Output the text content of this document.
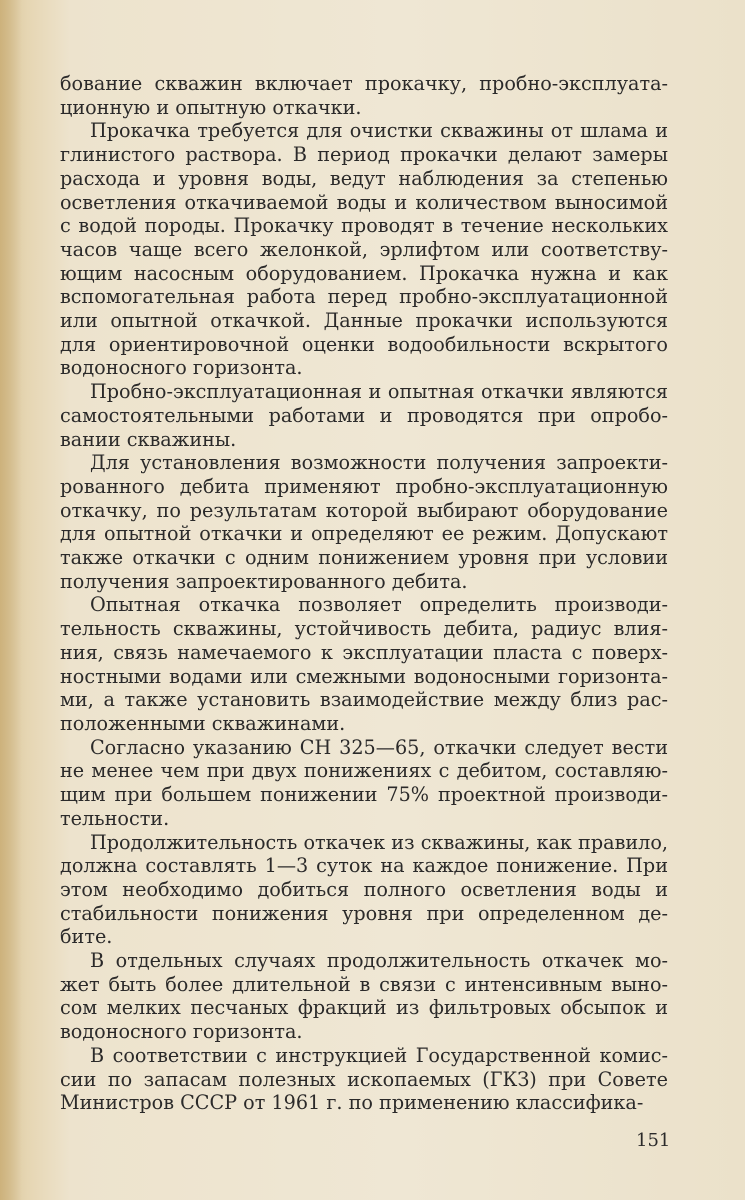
бование скважин включает прокачку, пробно-эксплуатационную и опытную откачки.

Прокачка требуется для очистки скважины от шлама и глинистого раствора. В период прокачки делают замеры расхода и уровня воды, ведут наблюдения за степенью осветления откачиваемой воды и количеством выносимой с водой породы. Прокачку проводят в течение нескольких часов чаще всего желонкой, эрлифтом или соответствующим насосным оборудованием. Прокачка нужна и как вспомогательная работа перед пробно-эксплуатационной или опытной откачкой. Данные прокачки используются для ориентировочной оценки водообильности вскрытого водоносного горизонта.

Пробно-эксплуатационная и опытная откачки являются самостоятельными работами и проводятся при опробовании скважины.

Для установления возможности получения запроектированного дебита применяют пробно-эксплуатационную откачку, по результатам которой выбирают оборудование для опытной откачки и определяют ее режим. Допускают также откачки с одним понижением уровня при условии получения запроектированного дебита.

Опытная откачка позволяет определить производительность скважины, устойчивость дебита, радиус влияния, связь намечаемого к эксплуатации пласта с поверхностными водами или смежными водоносными горизонтами, а также установить взаимодействие между близ расположенными скважинами.

Согласно указанию СН 325—65, откачки следует вести не менее чем при двух понижениях с дебитом, составляющим при большем понижении 75% проектной производительности.

Продолжительность откачек из скважины, как правило, должна составлять 1—3 суток на каждое понижение. При этом необходимо добиться полного осветления воды и стабильности понижения уровня при определенном дебите.

В отдельных случаях продолжительность откачек может быть более длительной в связи с интенсивным выносом мелких песчаных фракций из фильтровых обсыпок и водоносного горизонта.

В соответствии с инструкцией Государственной комиссии по запасам полезных ископаемых (ГКЗ) при Совете Министров СССР от 1961 г. по применению классифика-

151
